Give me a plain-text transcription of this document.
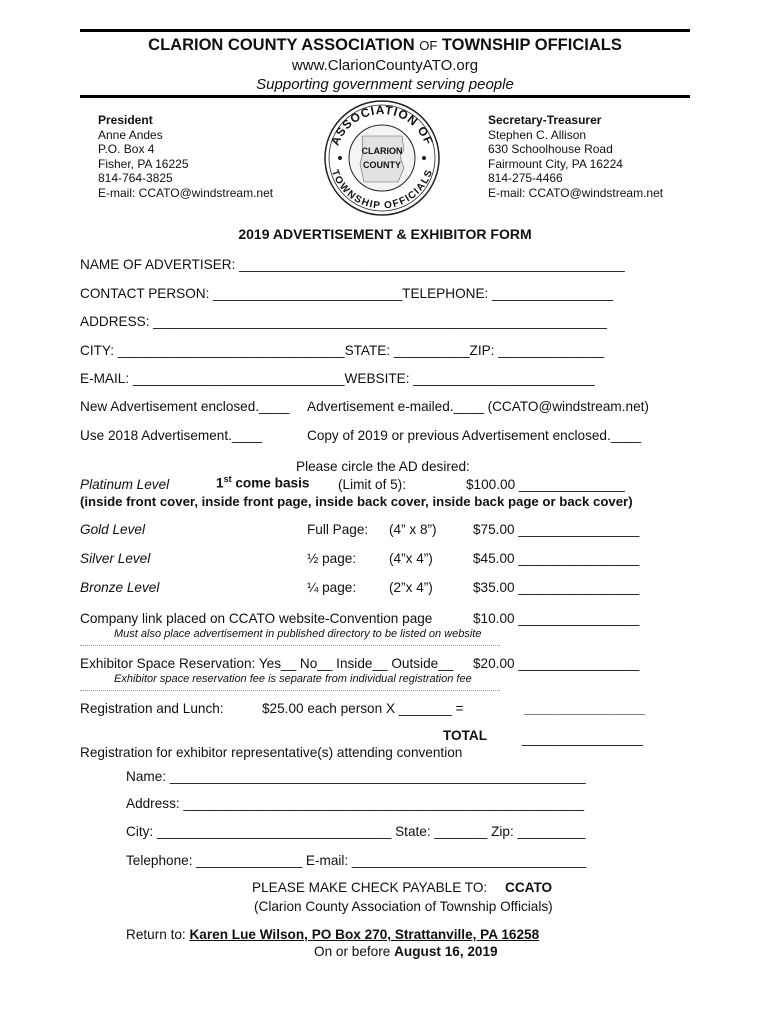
CLARION COUNTY ASSOCIATION OF TOWNSHIP OFFICIALS
www.ClarionCountyATO.org
Supporting government serving people
President
Anne Andes
P.O. Box 4
Fisher, PA 16225
814-764-3825
E-mail: CCATO@windstream.net
ASSOCIATION OF
TOWNSHIP OFFICIALS
CLARION
COUNTY
Secretary-Treasurer
Stephen C. Allison
630 Schoolhouse Road
Fairmount City, PA 16224
814-275-4466
E-mail: CCATO@windstream.net
2019 ADVERTISEMENT & EXHIBITOR FORM
NAME OF ADVERTISER: ___________________________________________________
CONTACT PERSON: _________________________TELEPHONE: ________________
ADDRESS: ____________________________________________________________
CITY: ______________________________STATE: __________ZIP: ______________
E-MAIL: ____________________________WEBSITE: ________________________
New Advertisement enclosed.____ Advertisement e-mailed.____ (CCATO@windstream.net)
Use 2018 Advertisement.____	Copy of 2019 or previous Advertisement enclosed.____
Please circle the AD desired:
Platinum Level	1st come basis (Limit of 5):	$100.00 ______________
(inside front cover, inside front page, inside back cover, inside back page or back cover)
Gold Level	Full Page: (4” x 8”)	$75.00 ________________
Silver Level	½ page: (4”x 4”)	$45.00 ________________
Bronze Level	¼ page: (2”x 4”)	$35.00 ________________
Company link placed on CCATO website-Convention page	$10.00 ________________
Must also place advertisement in published directory to be listed on website
Exhibitor Space Reservation: Yes__ No__ Inside__ Outside__ $20.00 ________________
Exhibitor space reservation fee is separate from individual registration fee
Registration and Lunch:	$25.00 each person X _______ =	________________
TOTAL	________________
Registration for exhibitor representative(s) attending convention
Name: _______________________________________________________
Address: _____________________________________________________
City: _______________________________ State: _______ Zip: _________
Telephone: ______________ E-mail: _______________________________
PLEASE MAKE CHECK PAYABLE TO: CCATO
(Clarion County Association of Township Officials)
Return to: Karen Lue Wilson, PO Box 270, Strattanville, PA 16258
On or before August 16, 2019
